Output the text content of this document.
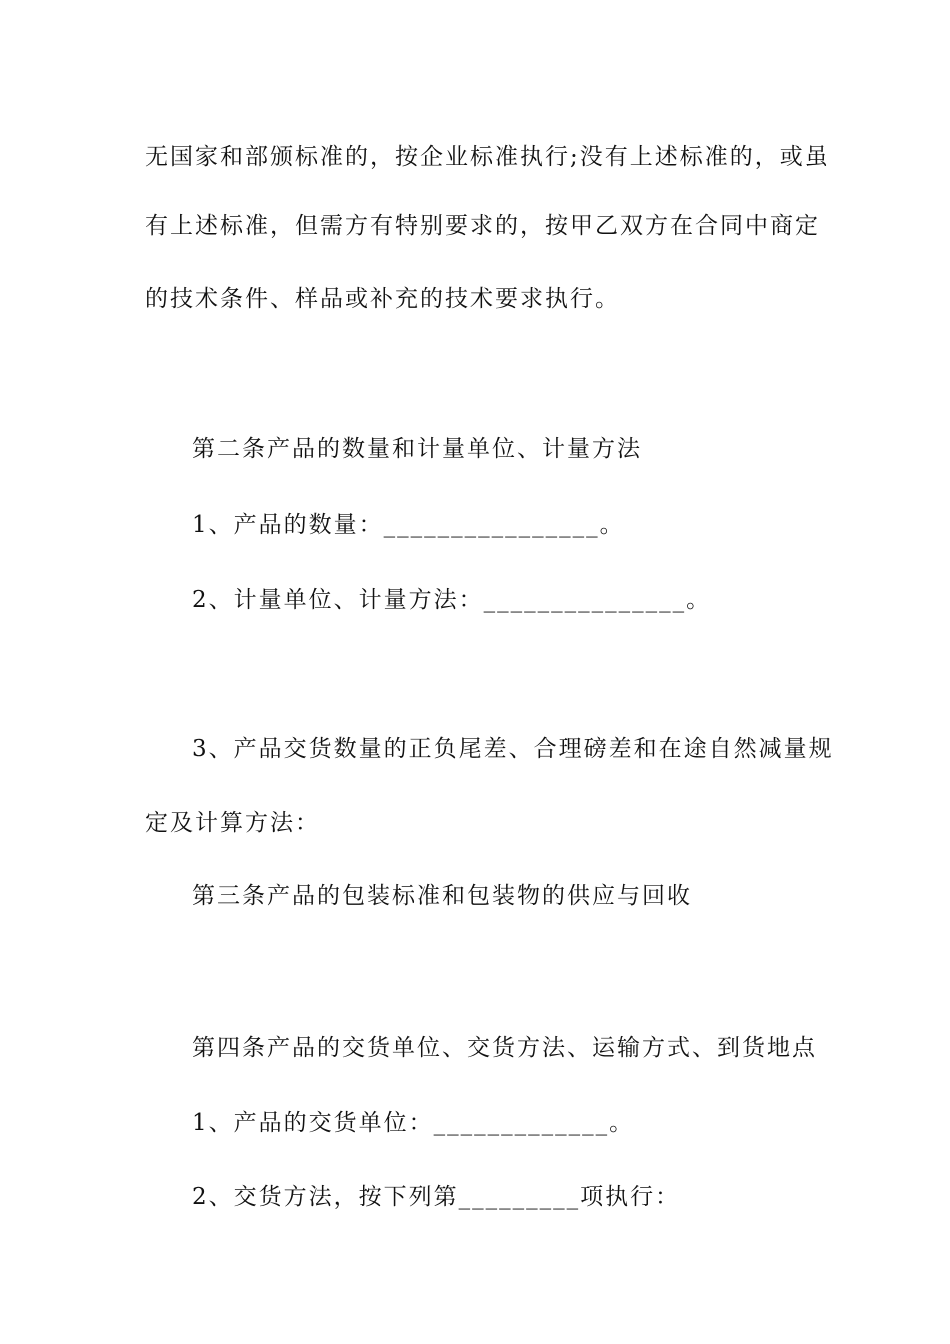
无国家和部颁标准的，按企业标准执行;没有上述标准的，或虽
有上述标准，但需方有特别要求的，按甲乙双方在合同中商定
的技术条件、样品或补充的技术要求执行。
第二条产品的数量和计量单位、计量方法
1、产品的数量：________________。
2、计量单位、计量方法：_______________。
3、产品交货数量的正负尾差、合理磅差和在途自然减量规
定及计算方法：
第三条产品的包装标准和包装物的供应与回收
第四条产品的交货单位、交货方法、运输方式、到货地点
1、产品的交货单位：_____________。
2、交货方法，按下列第_________项执行：
